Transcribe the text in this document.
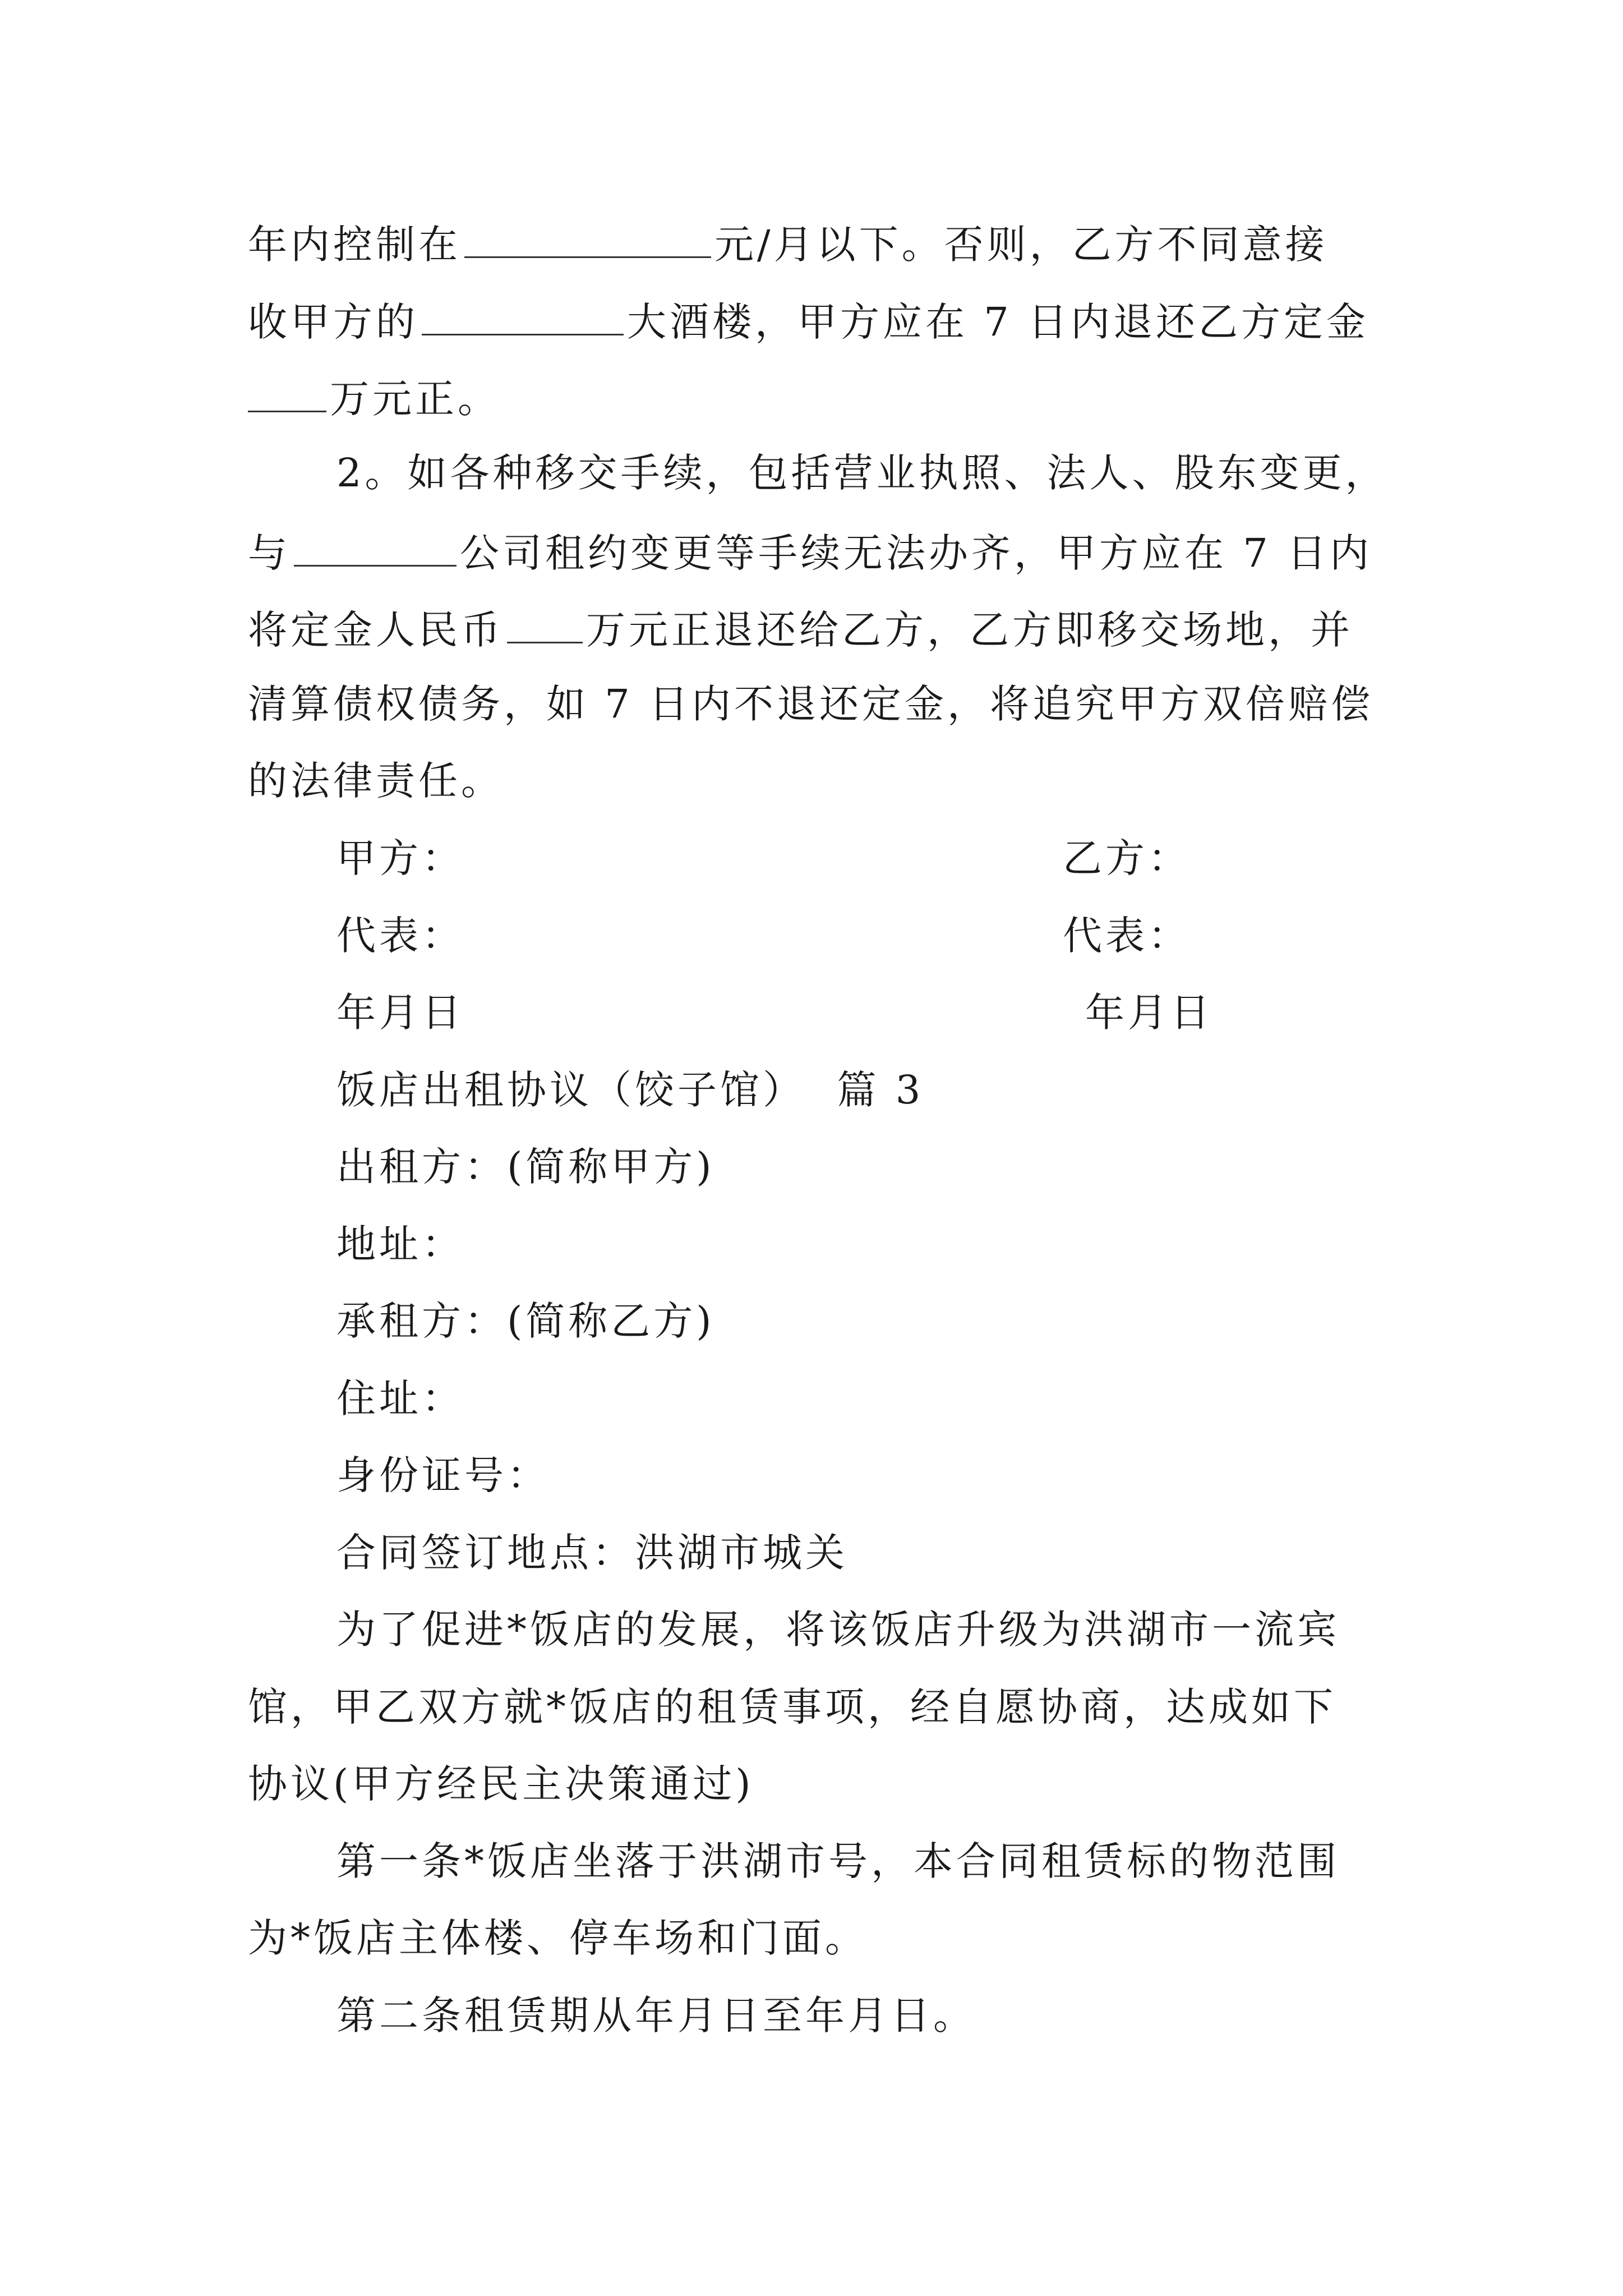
年内控制在	元/月以下。否则，乙方不同意接
收甲方的	大酒楼，甲方应在 7 日内退还乙方定金
万元正。
2。如各种移交手续，包括营业执照、法人、股东变更，
与	公司租约变更等手续无法办齐，甲方应在 7 日内
将定金人民币 万元正退还给乙方，乙方即移交场地，并
清算债权债务，如 7 日内不退还定金，将追究甲方双倍赔偿
的法律责任。
甲方：	乙方：
代表：	代表：
年月日	年月日
饭店出租协议（饺子馆）  篇 3
出租方：(简称甲方)
地址：
承租方：(简称乙方)
住址：
身份证号：
合同签订地点：洪湖市城关
为了促进*饭店的发展，将该饭店升级为洪湖市一流宾
馆，甲乙双方就*饭店的租赁事项，经自愿协商，达成如下
协议(甲方经民主决策通过)
第一条*饭店坐落于洪湖市号，本合同租赁标的物范围
为*饭店主体楼、停车场和门面。
第二条租赁期从年月日至年月日。
